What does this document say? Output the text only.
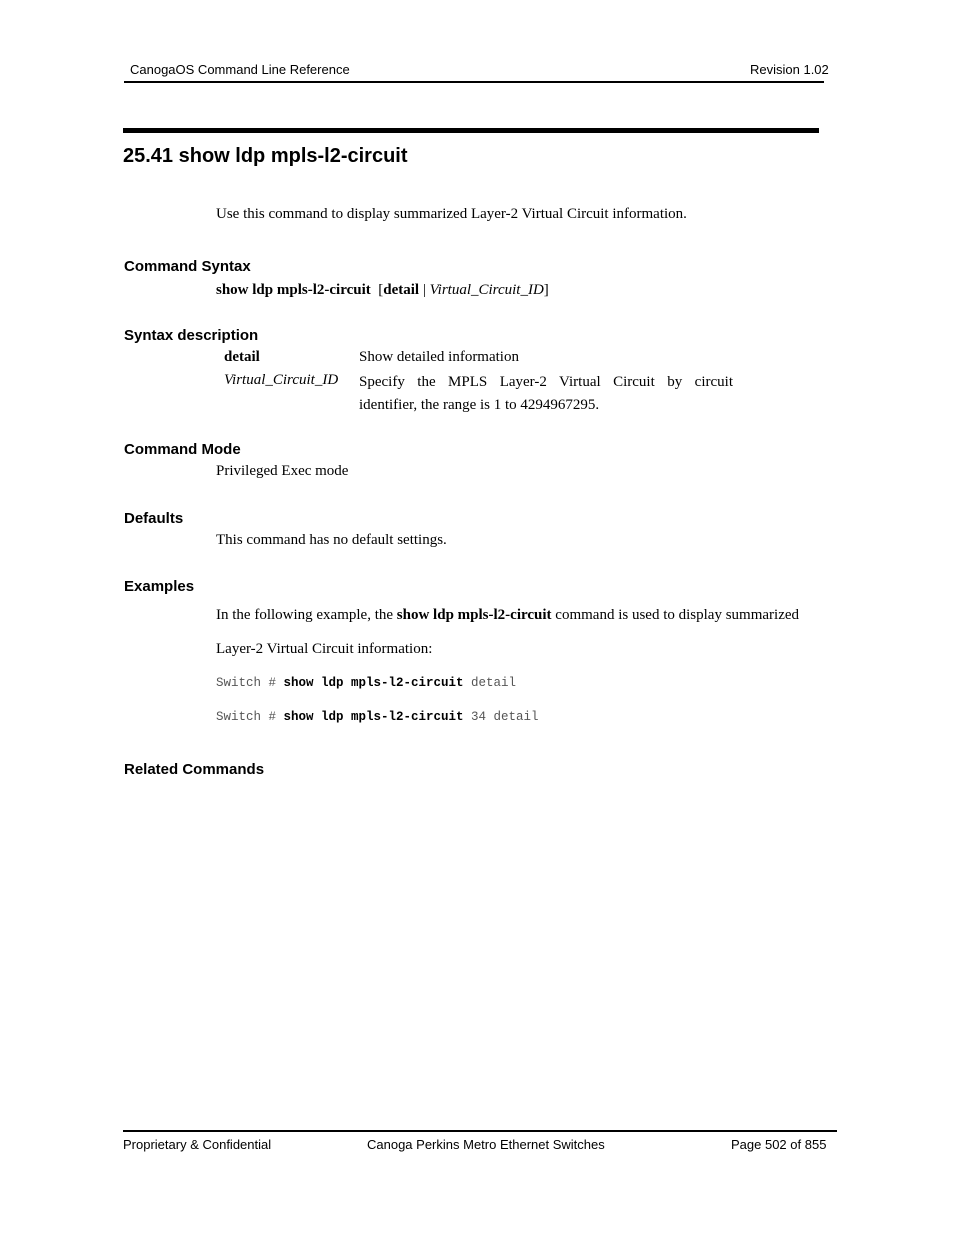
CanogaOS Command Line Reference	Revision 1.02
25.41 show ldp mpls-l2-circuit
Use this command to display summarized Layer-2 Virtual Circuit information.
Command Syntax
show ldp mpls-l2-circuit [detail | Virtual_Circuit_ID]
Syntax description
detail	Show detailed information
Virtual_Circuit_ID Specify the MPLS Layer-2 Virtual Circuit by circuit identifier, the range is 1 to 4294967295.
Command Mode
Privileged Exec mode
Defaults
This command has no default settings.
Examples
In the following example, the show ldp mpls-l2-circuit command is used to display summarized
Layer-2 Virtual Circuit information:
Switch # show ldp mpls-l2-circuit detail
Switch # show ldp mpls-l2-circuit 34 detail
Related Commands
Proprietary & Confidential	Canoga Perkins Metro Ethernet Switches	Page 502 of 855
